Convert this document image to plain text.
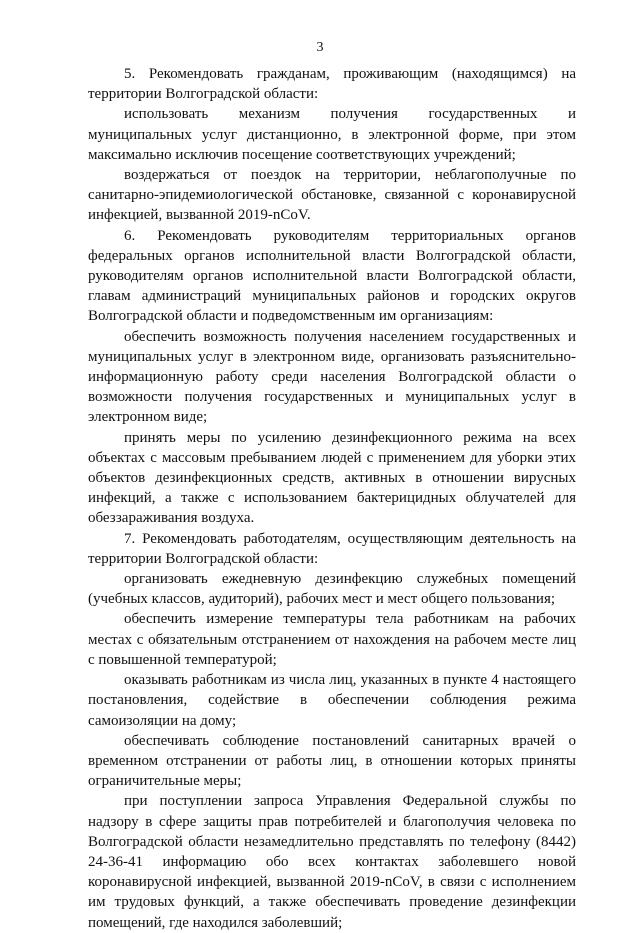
3

5. Рекомендовать гражданам, проживающим (находящимся) на территории Волгоградской области:

использовать механизм получения государственных и муниципальных услуг дистанционно, в электронной форме, при этом максимально исключив посещение соответствующих учреждений;

воздержаться от поездок на территории, неблагополучные по санитарно-эпидемиологической обстановке, связанной с коронавирусной инфекцией, вызванной 2019-nCoV.

6. Рекомендовать руководителям территориальных органов федеральных органов исполнительной власти Волгоградской области, руководителям органов исполнительной власти Волгоградской области, главам администраций муниципальных районов и городских округов Волгоградской области и подведомственным им организациям:

обеспечить возможность получения населением государственных и муниципальных услуг в электронном виде, организовать разъяснительно-информационную работу среди населения Волгоградской области о возможности получения государственных и муниципальных услуг в электронном виде;

принять меры по усилению дезинфекционного режима на всех объектах с массовым пребыванием людей с применением для уборки этих объектов дезинфекционных средств, активных в отношении вирусных инфекций, а также с использованием бактерицидных облучателей для обеззараживания воздуха.

7. Рекомендовать работодателям, осуществляющим деятельность на территории Волгоградской области:

организовать ежедневную дезинфекцию служебных помещений (учебных классов, аудиторий), рабочих мест и мест общего пользования;

обеспечить измерение температуры тела работникам на рабочих местах с обязательным отстранением от нахождения на рабочем месте лиц с повышенной температурой;

оказывать работникам из числа лиц, указанных в пункте 4 настоящего постановления, содействие в обеспечении соблюдения режима самоизоляции на дому;

обеспечивать соблюдение постановлений санитарных врачей о временном отстранении от работы лиц, в отношении которых приняты ограничительные меры;

при поступлении запроса Управления Федеральной службы по надзору в сфере защиты прав потребителей и благополучия человека по Волгоградской области незамедлительно представлять по телефону (8442) 24-36-41 информацию обо всех контактах заболевшего новой коронавирусной инфекцией, вызванной 2019-nCoV, в связи с исполнением им трудовых функций, а также обеспечивать проведение дезинфекции помещений, где находился заболевший;
